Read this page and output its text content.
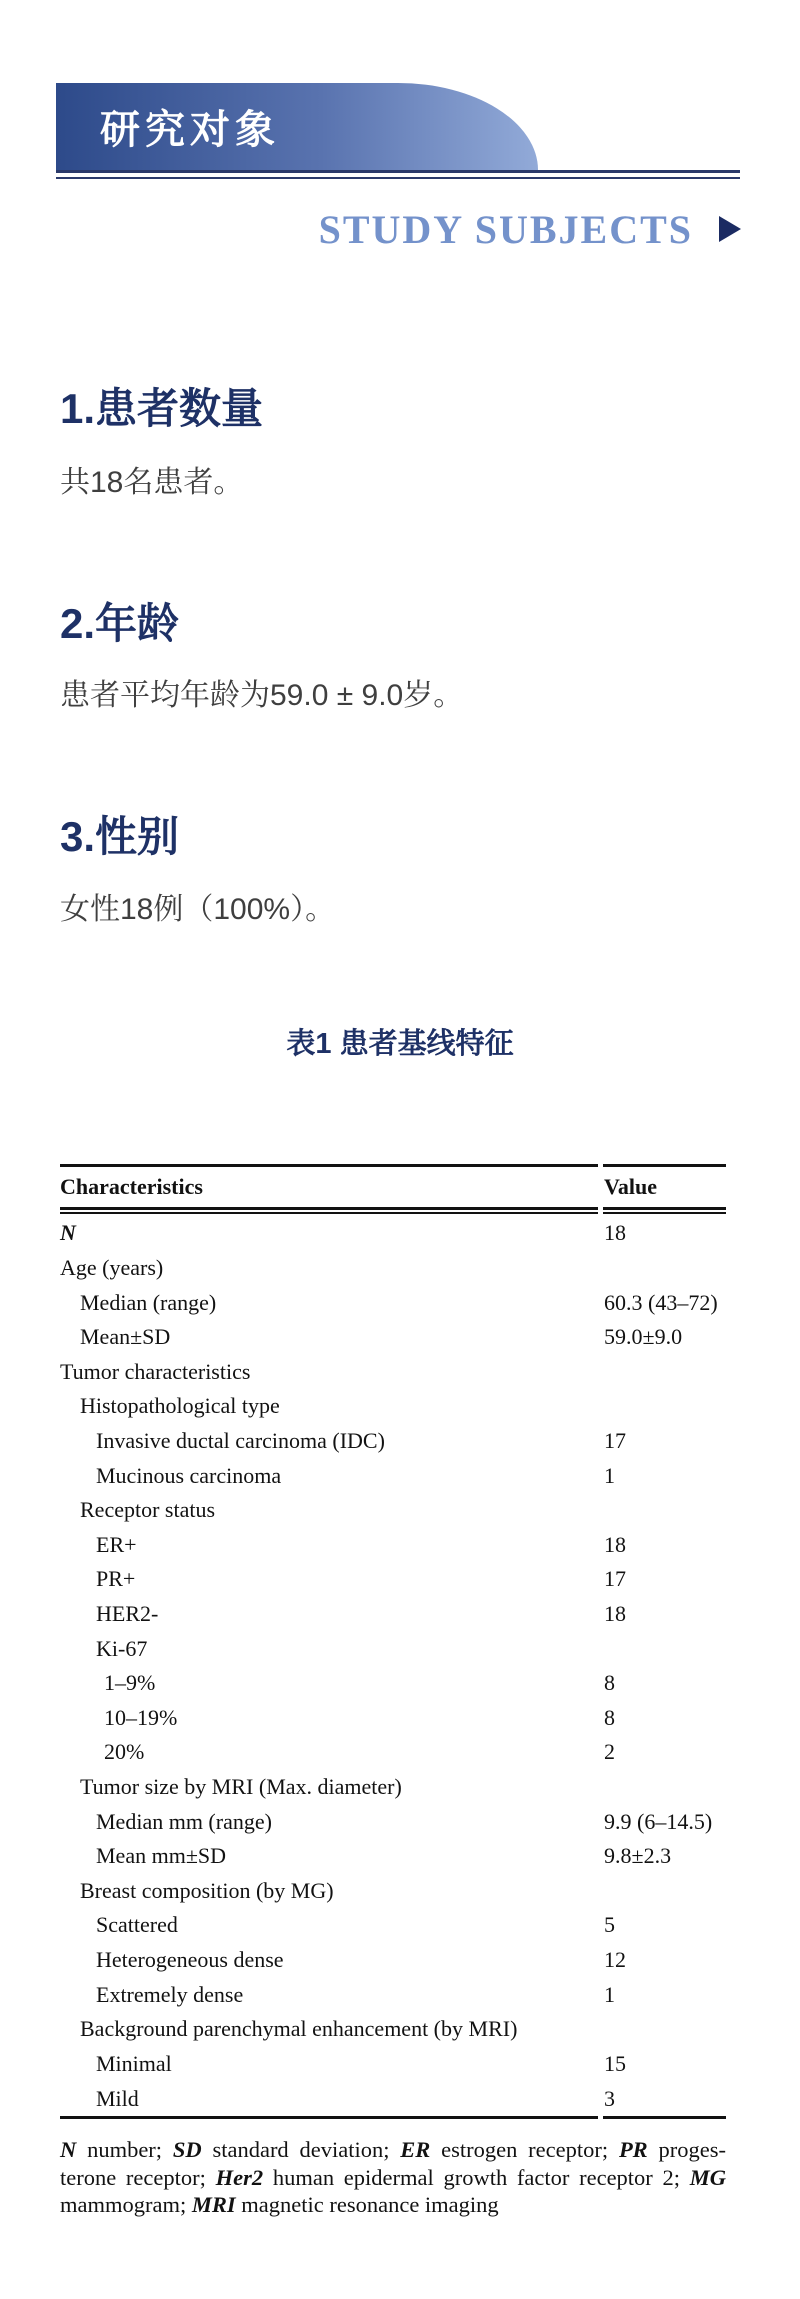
研究对象
STUDY SUBJECTS
1.患者数量
共18名患者。
2.年龄
患者平均年龄为59.0 ± 9.0岁。
3.性别
女性18例（100%）。
表1 患者基线特征
Characteristics	Value
N	18
Age (years)
Median (range)	60.3 (43–72)
Mean±SD	59.0±9.0
Tumor characteristics
Histopathological type
Invasive ductal carcinoma (IDC)	17
Mucinous carcinoma	1
Receptor status
ER+	18
PR+	17
HER2-	18
Ki-67
1–9%	8
10–19%	8
20%	2
Tumor size by MRI (Max. diameter)
Median mm (range)	9.9 (6–14.5)
Mean mm±SD	9.8±2.3
Breast composition (by MG)
Scattered	5
Heterogeneous dense	12
Extremely dense	1
Background parenchymal enhancement (by MRI)
Minimal	15
Mild	3
N number; SD standard deviation; ER estrogen receptor; PR proges-
terone receptor; Her2 human epidermal growth factor receptor 2; MG
mammogram; MRI magnetic resonance imaging
